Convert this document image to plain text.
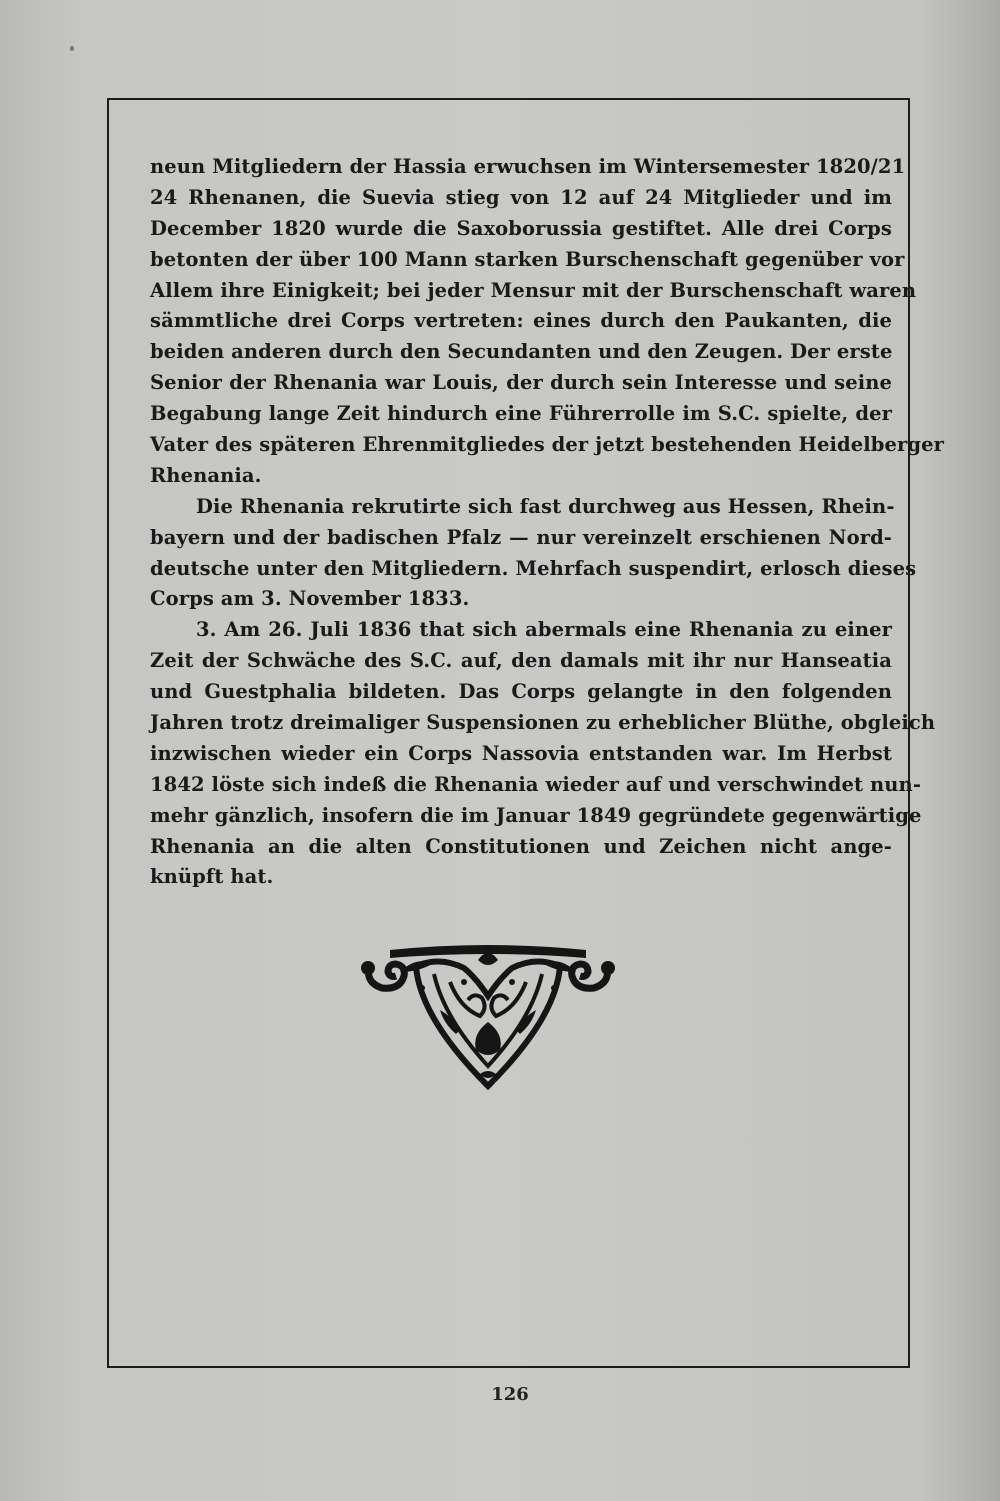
neun Mitgliedern der Hassia erwuchsen im Wintersemester 1820/21
24 Rhenanen, die Suevia stieg von 12 auf 24 Mitglieder und im
December 1820 wurde die Saxoborussia gestiftet. Alle drei Corps
betonten der über 100 Mann starken Burschenschaft gegenüber vor
Allem ihre Einigkeit; bei jeder Mensur mit der Burschenschaft waren
sämmtliche drei Corps vertreten: eines durch den Paukanten, die
beiden anderen durch den Secundanten und den Zeugen. Der erste
Senior der Rhenania war Louis, der durch sein Interesse und seine
Begabung lange Zeit hindurch eine Führerrolle im S.C. spielte, der
Vater des späteren Ehrenmitgliedes der jetzt bestehenden Heidelberger
Rhenania.
Die Rhenania rekrutirte sich fast durchweg aus Hessen, Rhein-
bayern und der badischen Pfalz — nur vereinzelt erschienen Nord-
deutsche unter den Mitgliedern. Mehrfach suspendirt, erlosch dieses
Corps am 3. November 1833.
3. Am 26. Juli 1836 that sich abermals eine Rhenania zu einer
Zeit der Schwäche des S.C. auf, den damals mit ihr nur Hanseatia
und Guestphalia bildeten. Das Corps gelangte in den folgenden
Jahren trotz dreimaliger Suspensionen zu erheblicher Blüthe, obgleich
inzwischen wieder ein Corps Nassovia entstanden war. Im Herbst
1842 löste sich indeß die Rhenania wieder auf und verschwindet nun-
mehr gänzlich, insofern die im Januar 1849 gegründete gegenwärtige
Rhenania an die alten Constitutionen und Zeichen nicht ange-
knüpft hat.
126
